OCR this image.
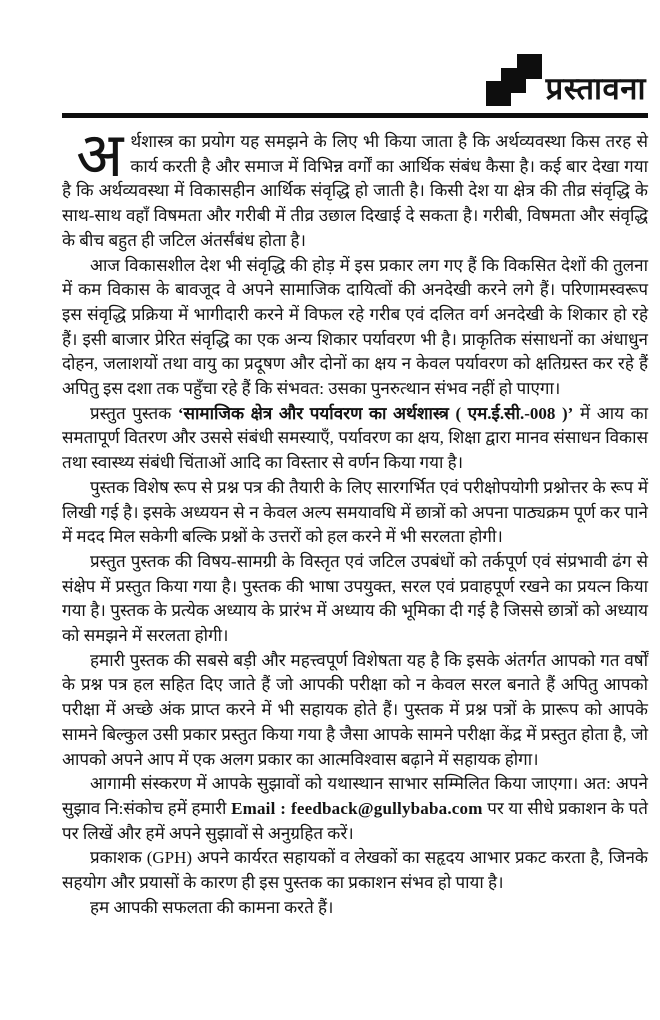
प्रस्तावना

अर्थशास्त्र का प्रयोग यह समझने के लिए भी किया जाता है कि अर्थव्यवस्था किस तरह से कार्य करती है और समाज में विभिन्न वर्गों का आर्थिक संबंध कैसा है। कई बार देखा गया है कि अर्थव्यवस्था में विकासहीन आर्थिक संवृद्धि हो जाती है। किसी देश या क्षेत्र की तीव्र संवृद्धि के साथ-साथ वहाँ विषमता और गरीबी में तीव्र उछाल दिखाई दे सकता है। गरीबी, विषमता और संवृद्धि के बीच बहुत ही जटिल अंतर्संबंध होता है।

आज विकासशील देश भी संवृद्धि की होड़ में इस प्रकार लग गए हैं कि विकसित देशों की तुलना में कम विकास के बावजूद वे अपने सामाजिक दायित्वों की अनदेखी करने लगे हैं। परिणामस्वरूप इस संवृद्धि प्रक्रिया में भागीदारी करने में विफल रहे गरीब एवं दलित वर्ग अनदेखी के शिकार हो रहे हैं। इसी बाजार प्रेरित संवृद्धि का एक अन्य शिकार पर्यावरण भी है। प्राकृतिक संसाधनों का अंधाधुन दोहन, जलाशयों तथा वायु का प्रदूषण और दोनों का क्षय न केवल पर्यावरण को क्षतिग्रस्त कर रहे हैं अपितु इस दशा तक पहुँचा रहे हैं कि संभवत: उसका पुनरुत्थान संभव नहीं हो पाएगा।

प्रस्तुत पुस्तक ‘सामाजिक क्षेत्र और पर्यावरण का अर्थशास्त्र ( एम.ई.सी.-008 )’ में आय का समतापूर्ण वितरण और उससे संबंधी समस्याएँ, पर्यावरण का क्षय, शिक्षा द्वारा मानव संसाधन विकास तथा स्वास्थ्य संबंधी चिंताओं आदि का विस्तार से वर्णन किया गया है।

पुस्तक विशेष रूप से प्रश्न पत्र की तैयारी के लिए सारगर्भित एवं परीक्षोपयोगी प्रश्नोत्तर के रूप में लिखी गई है। इसके अध्ययन से न केवल अल्प समयावधि में छात्रों को अपना पाठ्यक्रम पूर्ण कर पाने में मदद मिल सकेगी बल्कि प्रश्नों के उत्तरों को हल करने में भी सरलता होगी।

प्रस्तुत पुस्तक की विषय-सामग्री के विस्तृत एवं जटिल उपबंधों को तर्कपूर्ण एवं संप्रभावी ढंग से संक्षेप में प्रस्तुत किया गया है। पुस्तक की भाषा उपयुक्त, सरल एवं प्रवाहपूर्ण रखने का प्रयत्न किया गया है। पुस्तक के प्रत्येक अध्याय के प्रारंभ में अध्याय की भूमिका दी गई है जिससे छात्रों को अध्याय को समझने में सरलता होगी।

हमारी पुस्तक की सबसे बड़ी और महत्त्वपूर्ण विशेषता यह है कि इसके अंतर्गत आपको गत वर्षों के प्रश्न पत्र हल सहित दिए जाते हैं जो आपकी परीक्षा को न केवल सरल बनाते हैं अपितु आपको परीक्षा में अच्छे अंक प्राप्त करने में भी सहायक होते हैं। पुस्तक में प्रश्न पत्रों के प्रारूप को आपके सामने बिल्कुल उसी प्रकार प्रस्तुत किया गया है जैसा आपके सामने परीक्षा केंद्र में प्रस्तुत होता है, जो आपको अपने आप में एक अलग प्रकार का आत्मविश्वास बढ़ाने में सहायक होगा।

आगामी संस्करण में आपके सुझावों को यथास्थान साभार सम्मिलित किया जाएगा। अत: अपने सुझाव नि:संकोच हमें हमारी Email : feedback@gullybaba.com पर या सीधे प्रकाशन के पते पर लिखें और हमें अपने सुझावों से अनुग्रहित करें।

प्रकाशक (GPH) अपने कार्यरत सहायकों व लेखकों का सहृदय आभार प्रकट करता है, जिनके सहयोग और प्रयासों के कारण ही इस पुस्तक का प्रकाशन संभव हो पाया है।

हम आपकी सफलता की कामना करते हैं।
